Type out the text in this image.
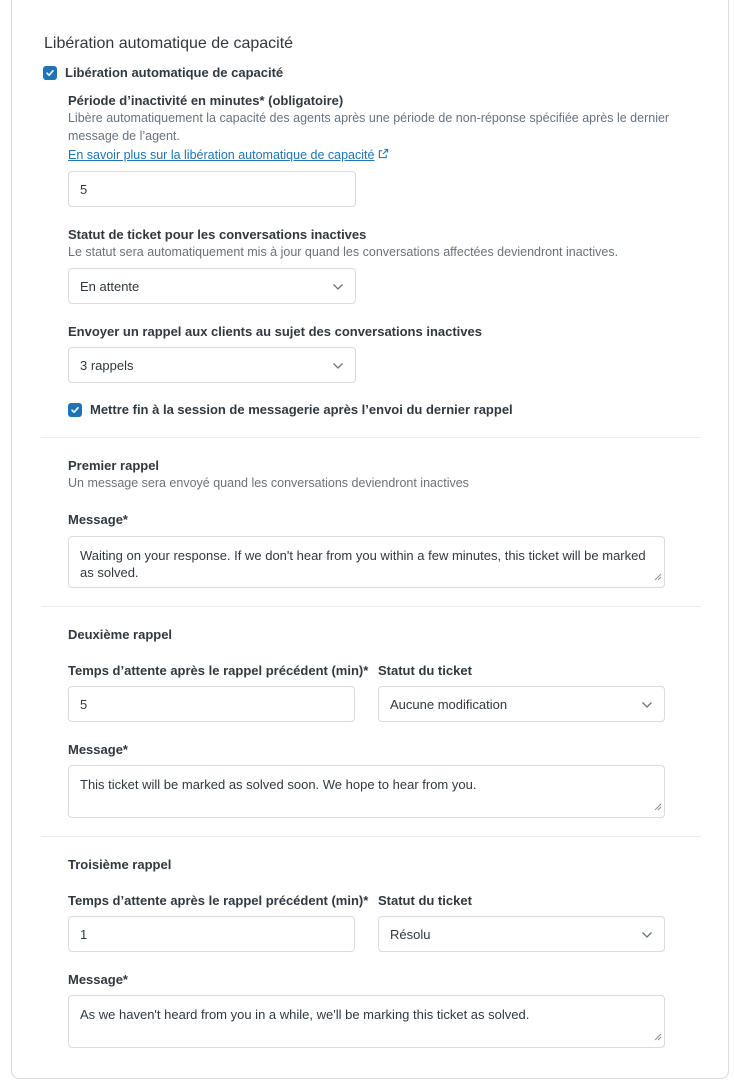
Libération automatique de capacité
Libération automatique de capacité
Période d’inactivité en minutes* (obligatoire)
Libère automatiquement la capacité des agents après une période de non-réponse spécifiée après le dernier message de l’agent.
En savoir plus sur la libération automatique de capacité
5
Statut de ticket pour les conversations inactives
Le statut sera automatiquement mis à jour quand les conversations affectées deviendront inactives.
En attente
Envoyer un rappel aux clients au sujet des conversations inactives
3 rappels
Mettre fin à la session de messagerie après l’envoi du dernier rappel
Premier rappel
Un message sera envoyé quand les conversations deviendront inactives
Message*
Waiting on your response. If we don't hear from you within a few minutes, this ticket will be marked as solved.
Deuxième rappel
Temps d’attente après le rappel précédent (min)* Statut du ticket
5	Aucune modification
Message*
This ticket will be marked as solved soon. We hope to hear from you.
Troisième rappel
Temps d’attente après le rappel précédent (min)* Statut du ticket
1	Résolu
Message*
As we haven't heard from you in a while, we'll be marking this ticket as solved.
